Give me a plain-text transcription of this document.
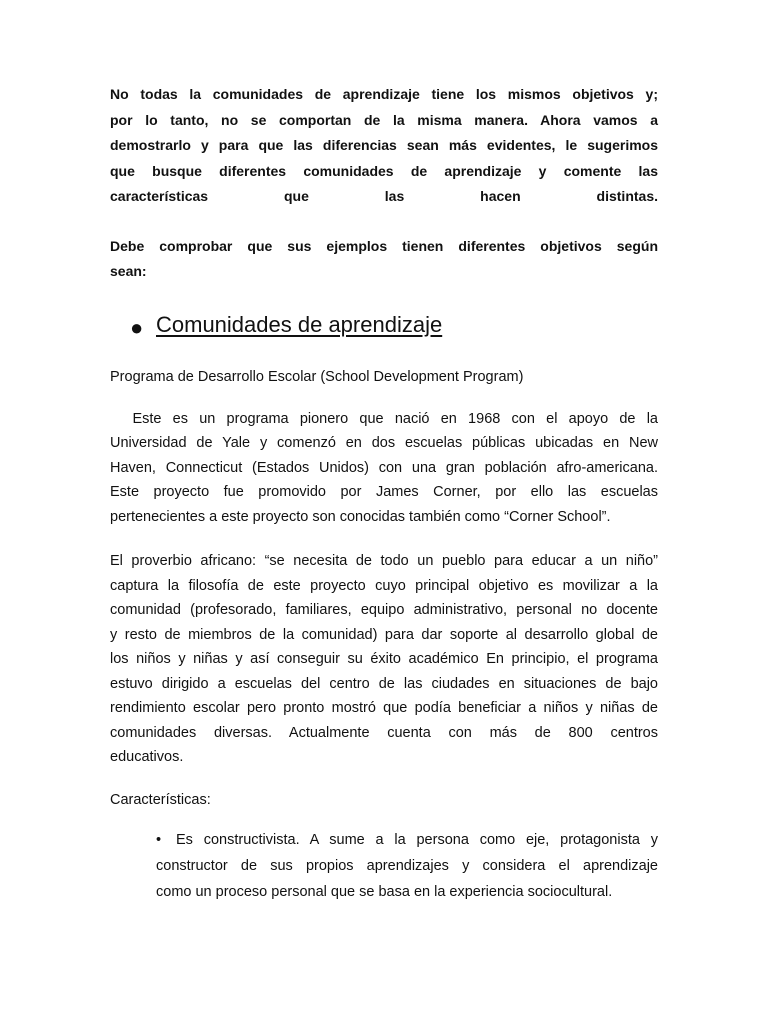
No todas la comunidades de aprendizaje tiene los mismos objetivos y;
por lo tanto, no se comportan de la misma manera. Ahora vamos a
demostrarlo y para que las diferencias sean más evidentes, le sugerimos
que busque diferentes comunidades de aprendizaje y comente las
características que las hacen distintas.
Debe comprobar que sus ejemplos tienen diferentes objetivos según
sean:
● Comunidades de aprendizaje

Programa de Desarrollo Escolar (School Development Program)

Este es un programa pionero que nació en 1968 con el apoyo de la
Universidad de Yale y comenzó en dos escuelas públicas ubicadas en New
Haven, Connecticut (Estados Unidos) con una gran población afro-americana.
Este proyecto fue promovido por James Corner, por ello las escuelas
pertenecientes a este proyecto son conocidas también como “Corner School”.
El proverbio africano: “se necesita de todo un pueblo para educar a un niño”
captura la filosofía de este proyecto cuyo principal objetivo es movilizar a la
comunidad (profesorado, familiares, equipo administrativo, personal no docente
y resto de miembros de la comunidad) para dar soporte al desarrollo global de
los niños y niñas y así conseguir su éxito académico En principio, el programa
estuvo dirigido a escuelas del centro de las ciudades en situaciones de bajo
rendimiento escolar pero pronto mostró que podía beneficiar a niños y niñas de
comunidades diversas. Actualmente cuenta con más de 800 centros
educativos.

Características:

•	Es constructivista. A sume a la persona como eje, protagonista y
constructor de sus propios aprendizajes y considera el aprendizaje
como un proceso personal que se basa en la experiencia sociocultural.
